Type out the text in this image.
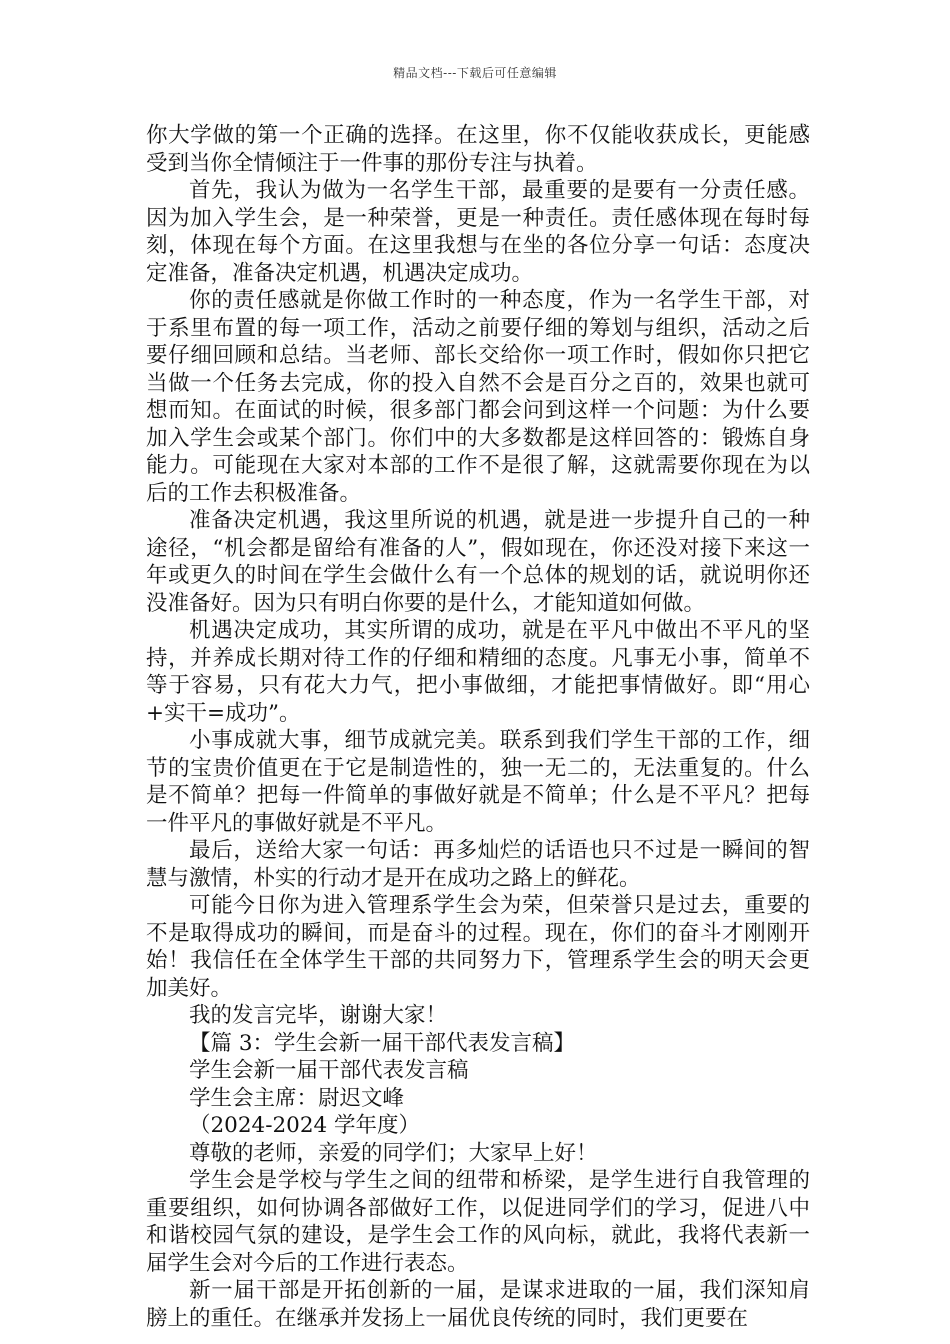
精品文档---下载后可任意编辑

你大学做的第一个正确的选择。在这里，你不仅能收获成长，更能感受到当你全情倾注于一件事的那份专注与执着。

首先，我认为做为一名学生干部，最重要的是要有一分责任感。因为加入学生会，是一种荣誉，更是一种责任。责任感体现在每时每刻，体现在每个方面。在这里我想与在坐的各位分享一句话：态度决定准备，准备决定机遇，机遇决定成功。

你的责任感就是你做工作时的一种态度，作为一名学生干部，对于系里布置的每一项工作，活动之前要仔细的筹划与组织，活动之后要仔细回顾和总结。当老师、部长交给你一项工作时，假如你只把它当做一个任务去完成，你的投入自然不会是百分之百的，效果也就可想而知。在面试的时候，很多部门都会问到这样一个问题：为什么要加入学生会或某个部门。你们中的大多数都是这样回答的：锻炼自身能力。可能现在大家对本部的工作不是很了解，这就需要你现在为以后的工作去积极准备。

准备决定机遇，我这里所说的机遇，就是进一步提升自己的一种 途径，“机会都是留给有准备的人”，假如现在，你还没对接下来这一年或更久的时间在学生会做什么有一个总体的规划的话，就说明你还没准备好。因为只有明白你要的是什么，才能知道如何做。

机遇决定成功，其实所谓的成功，就是在平凡中做出不平凡的坚持，并养成长期对待工作的仔细和精细的态度。凡事无小事，简单不等于容易，只有花大力气，把小事做细，才能把事情做好。即“用心+实干=成功”。

小事成就大事，细节成就完美。联系到我们学生干部的工作，细节的宝贵价值更在于它是制造性的，独一无二的，无法重复的。什么是不简单？把每一件简单的事做好就是不简单；什么是不平凡？把每一件平凡的事做好就是不平凡。

最后，送给大家一句话：再多灿烂的话语也只不过是一瞬间的智慧与激情，朴实的行动才是开在成功之路上的鲜花。

可能今日你为进入管理系学生会为荣，但荣誉只是过去，重要的不是取得成功的瞬间，而是奋斗的过程。现在，你们的奋斗才刚刚开始！我信任在全体学生干部的共同努力下，管理系学生会的明天会更加美好。

我的发言完毕，谢谢大家！

【篇 3：学生会新一届干部代表发言稿】

学生会新一届干部代表发言稿

学生会主席：尉迟文峰

（2024-2024 学年度）

尊敬的老师，亲爱的同学们；大家早上好！

学生会是学校与学生之间的纽带和桥梁，是学生进行自我管理的重要组织，如何协调各部做好工作，以促进同学们的学习，促进八中和谐校园气氛的建设，是学生会工作的风向标，就此，我将代表新一届学生会对今后的工作进行表态。

新一届干部是开拓创新的一届，是谋求进取的一届，我们深知肩膀上的重任。在继承并发扬上一届优良传统的同时，我们更要在
